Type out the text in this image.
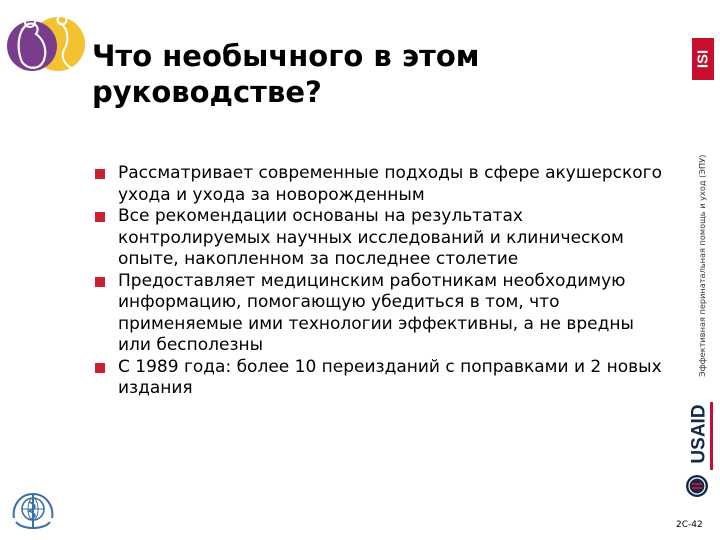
Что необычного в этом
руководстве?
Рассматривает современные подходы в сфере акушерского ухода и ухода за новорожденным
Все рекомендации основаны на результатах контролируемых научных исследований и клиническом опыте, накопленном за последнее столетие
Предоставляет медицинским работникам необходимую информацию, помогающую убедиться в том, что применяемые ими технологии эффективны, а не вредны или бесполезны
С 1989 года: более 10 переизданий с поправками и 2 новых издания
ISI
Эффективная перинатальная помощь и уход (ЭПУ)
USAID
2C-42
